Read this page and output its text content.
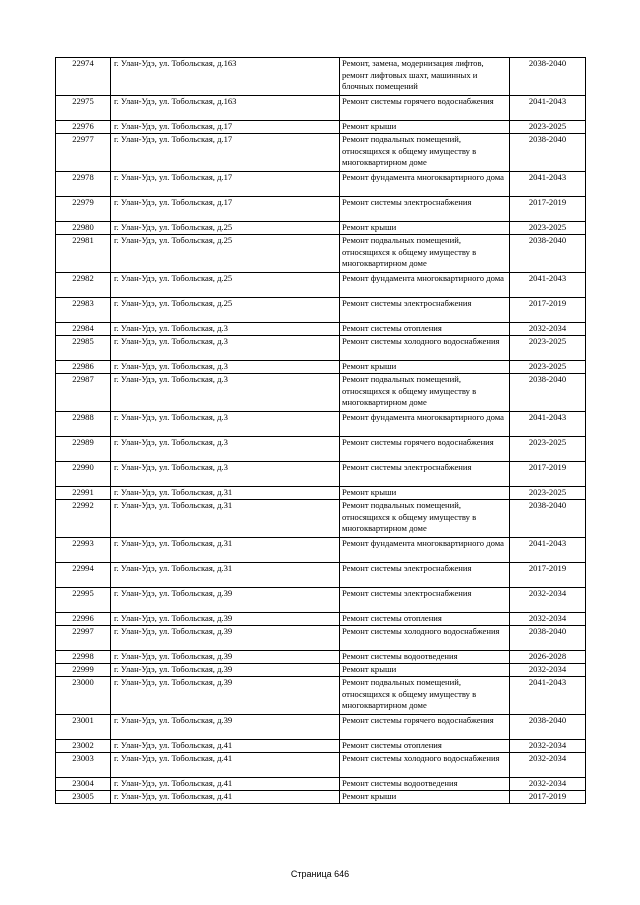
22974	г. Улан-Удэ, ул. Тобольская, д.163	Ремонт, замена, модернизация лифтов, ремонт лифтовых шахт, машинных и блочных помещений	2038-2040
22975	г. Улан-Удэ, ул. Тобольская, д.163	Ремонт системы горячего водоснабжения	2041-2043
22976	г. Улан-Удэ, ул. Тобольская, д.17	Ремонт крыши	2023-2025
22977	г. Улан-Удэ, ул. Тобольская, д.17	Ремонт подвальных помещений, относящихся к общему имуществу в многоквартирном доме	2038-2040
22978	г. Улан-Удэ, ул. Тобольская, д.17	Ремонт фундамента многоквартирного дома	2041-2043
22979	г. Улан-Удэ, ул. Тобольская, д.17	Ремонт системы электроснабжения	2017-2019
22980	г. Улан-Удэ, ул. Тобольская, д.25	Ремонт крыши	2023-2025
22981	г. Улан-Удэ, ул. Тобольская, д.25	Ремонт подвальных помещений, относящихся к общему имуществу в многоквартирном доме	2038-2040
22982	г. Улан-Удэ, ул. Тобольская, д.25	Ремонт фундамента многоквартирного дома	2041-2043
22983	г. Улан-Удэ, ул. Тобольская, д.25	Ремонт системы электроснабжения	2017-2019
22984	г. Улан-Удэ, ул. Тобольская, д.3	Ремонт системы отопления	2032-2034
22985	г. Улан-Удэ, ул. Тобольская, д.3	Ремонт системы холодного водоснабжения	2023-2025
22986	г. Улан-Удэ, ул. Тобольская, д.3	Ремонт крыши	2023-2025
22987	г. Улан-Удэ, ул. Тобольская, д.3	Ремонт подвальных помещений, относящихся к общему имуществу в многоквартирном доме	2038-2040
22988	г. Улан-Удэ, ул. Тобольская, д.3	Ремонт фундамента многоквартирного дома	2041-2043
22989	г. Улан-Удэ, ул. Тобольская, д.3	Ремонт системы горячего водоснабжения	2023-2025
22990	г. Улан-Удэ, ул. Тобольская, д.3	Ремонт системы электроснабжения	2017-2019
22991	г. Улан-Удэ, ул. Тобольская, д.31	Ремонт крыши	2023-2025
22992	г. Улан-Удэ, ул. Тобольская, д.31	Ремонт подвальных помещений, относящихся к общему имуществу в многоквартирном доме	2038-2040
22993	г. Улан-Удэ, ул. Тобольская, д.31	Ремонт фундамента многоквартирного дома	2041-2043
22994	г. Улан-Удэ, ул. Тобольская, д.31	Ремонт системы электроснабжения	2017-2019
22995	г. Улан-Удэ, ул. Тобольская, д.39	Ремонт системы электроснабжения	2032-2034
22996	г. Улан-Удэ, ул. Тобольская, д.39	Ремонт системы отопления	2032-2034
22997	г. Улан-Удэ, ул. Тобольская, д.39	Ремонт системы холодного водоснабжения	2038-2040
22998	г. Улан-Удэ, ул. Тобольская, д.39	Ремонт системы водоотведения	2026-2028
22999	г. Улан-Удэ, ул. Тобольская, д.39	Ремонт крыши	2032-2034
23000	г. Улан-Удэ, ул. Тобольская, д.39	Ремонт подвальных помещений, относящихся к общему имуществу в многоквартирном доме	2041-2043
23001	г. Улан-Удэ, ул. Тобольская, д.39	Ремонт системы горячего водоснабжения	2038-2040
23002	г. Улан-Удэ, ул. Тобольская, д.41	Ремонт системы отопления	2032-2034
23003	г. Улан-Удэ, ул. Тобольская, д.41	Ремонт системы холодного водоснабжения	2032-2034
23004	г. Улан-Удэ, ул. Тобольская, д.41	Ремонт системы водоотведения	2032-2034
23005	г. Улан-Удэ, ул. Тобольская, д.41	Ремонт крыши	2017-2019
Страница 646
